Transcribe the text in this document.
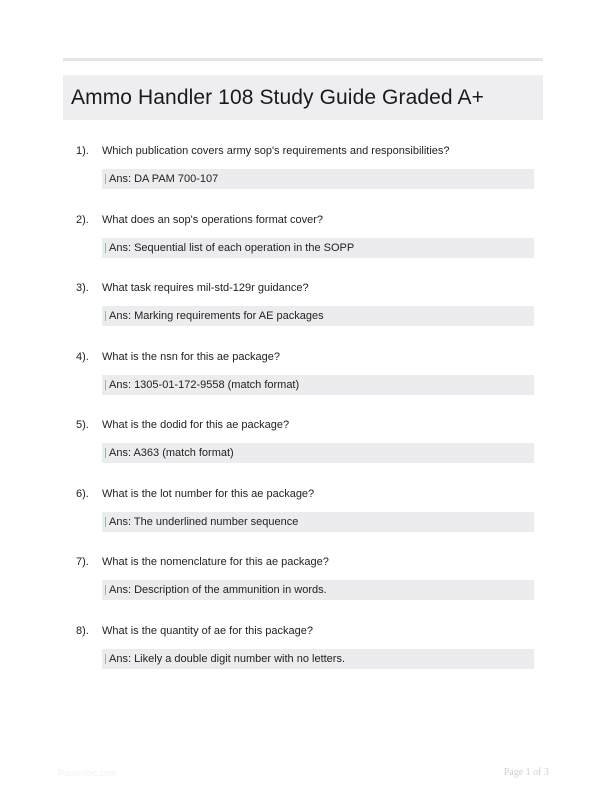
Ammo Handler 108 Study Guide Graded A+
1). Which publication covers army sop's requirements and responsibilities?
Ans: DA PAM 700-107
2). What does an sop's operations format cover?
Ans: Sequential list of each operation in the SOPP
3). What task requires mil-std-129r guidance?
Ans: Marking requirements for AE packages
4). What is the nsn for this ae package?
Ans: 1305-01-172-9558 (match format)
5). What is the dodid for this ae package?
Ans: A363 (match format)
6). What is the lot number for this ae package?
Ans: The underlined number sequence
7). What is the nomenclature for this ae package?
Ans: Description of the ammunition in words.
8). What is the quantity of ae for this package?
Ans: Likely a double digit number with no letters.
Paperlibic.com	Page 1 of 3
